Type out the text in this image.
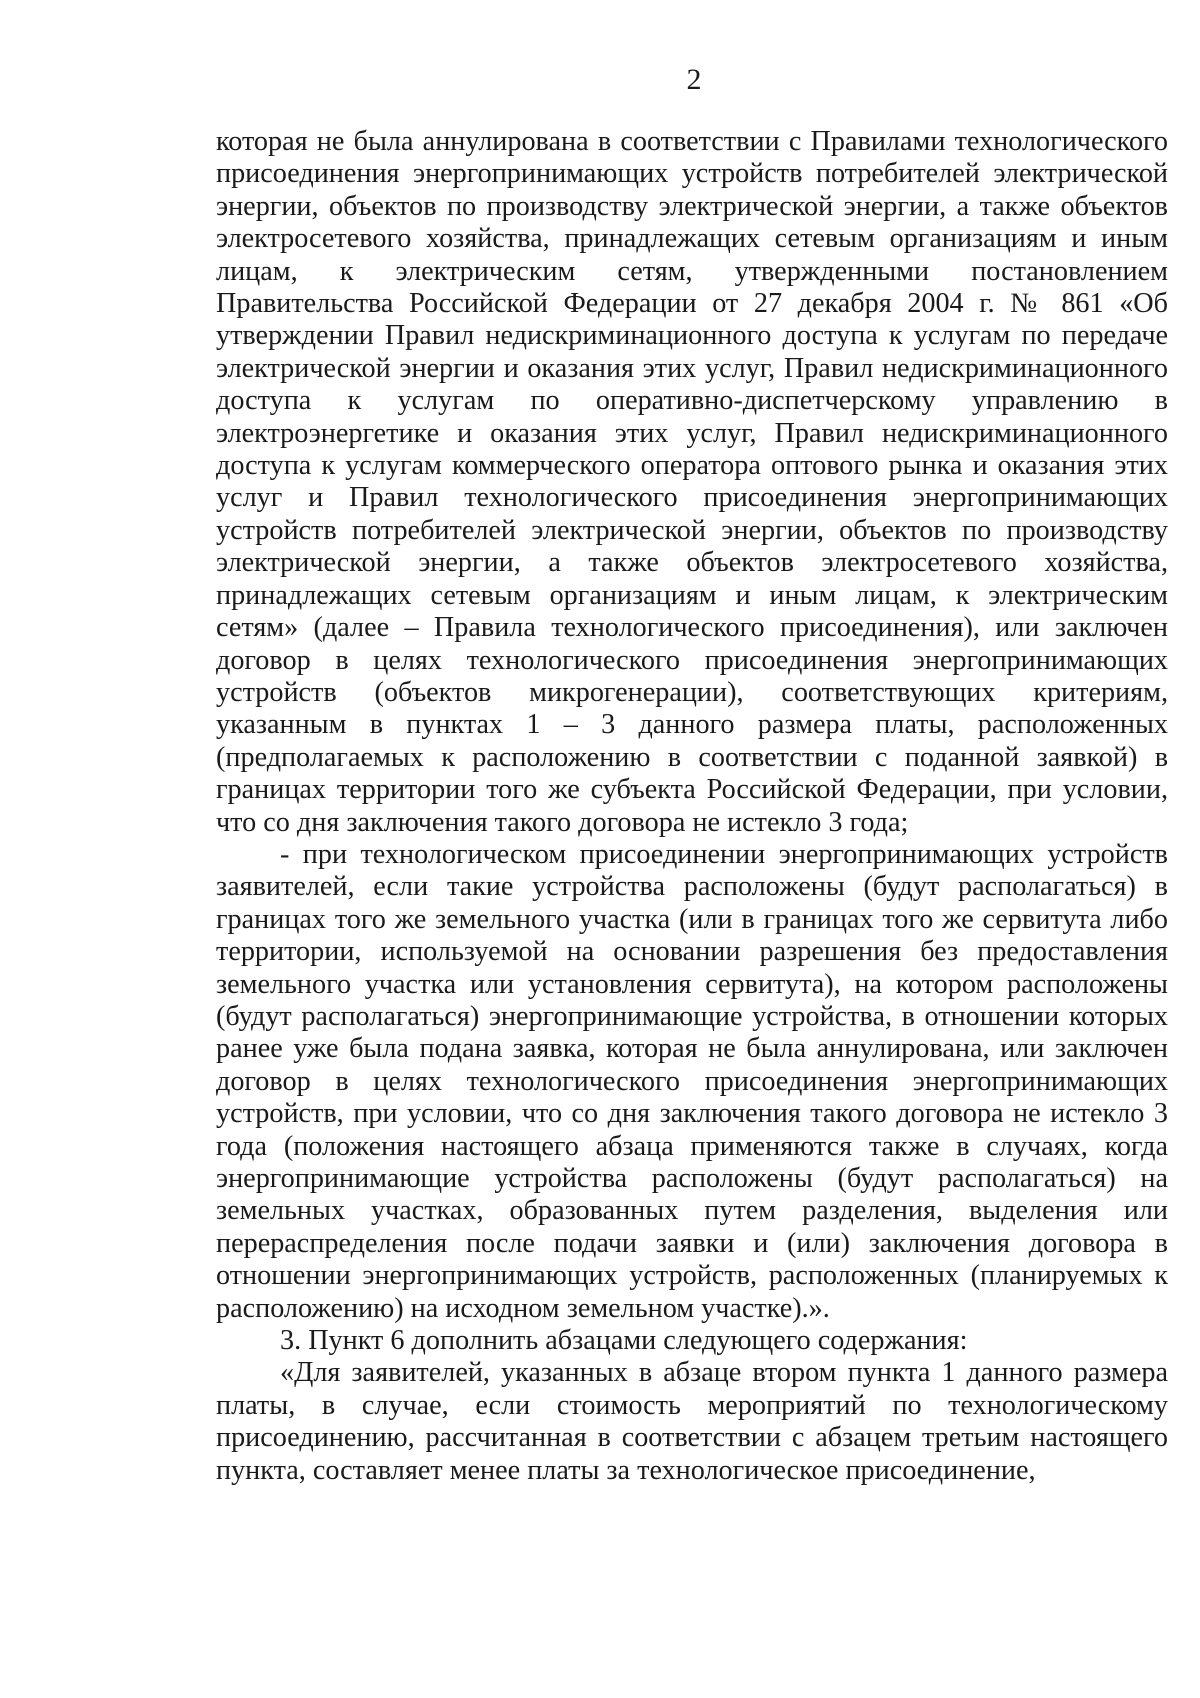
2

которая не была аннулирована в соответствии с Правилами технологического присоединения энергопринимающих устройств потребителей электрической энергии, объектов по производству электрической энергии, а также объектов электросетевого хозяйства, принадлежащих сетевым организациям и иным лицам, к электрическим сетям, утвержденными постановлением Правительства Российской Федерации от 27 декабря 2004 г. № 861 «Об утверждении Правил недискриминационного доступа к услугам по передаче электрической энергии и оказания этих услуг, Правил недискриминационного доступа к услугам по оперативно-диспетчерскому управлению в электроэнергетике и оказания этих услуг, Правил недискриминационного доступа к услугам коммерческого оператора оптового рынка и оказания этих услуг и Правил технологического присоединения энергопринимающих устройств потребителей электрической энергии, объектов по производству электрической энергии, а также объектов электросетевого хозяйства, принадлежащих сетевым организациям и иным лицам, к электрическим сетям» (далее – Правила технологического присоединения), или заключен договор в целях технологического присоединения энергопринимающих устройств (объектов микрогенерации), соответствующих критериям, указанным в пунктах 1 – 3 данного размера платы, расположенных (предполагаемых к расположению в соответствии с поданной заявкой) в границах территории того же субъекта Российской Федерации, при условии, что со дня заключения такого договора не истекло 3 года;

- при технологическом присоединении энергопринимающих устройств заявителей, если такие устройства расположены (будут располагаться) в границах того же земельного участка (или в границах того же сервитута либо территории, используемой на основании разрешения без предоставления земельного участка или установления сервитута), на котором расположены (будут располагаться) энергопринимающие устройства, в отношении которых ранее уже была подана заявка, которая не была аннулирована, или заключен договор в целях технологического присоединения энергопринимающих устройств, при условии, что со дня заключения такого договора не истекло 3 года (положения настоящего абзаца применяются также в случаях, когда энергопринимающие устройства расположены (будут располагаться) на земельных участках, образованных путем разделения, выделения или перераспределения после подачи заявки и (или) заключения договора в отношении энергопринимающих устройств, расположенных (планируемых к расположению) на исходном земельном участке).».

3. Пункт 6 дополнить абзацами следующего содержания:

«Для заявителей, указанных в абзаце втором пункта 1 данного размера платы, в случае, если стоимость мероприятий по технологическому присоединению, рассчитанная в соответствии с абзацем третьим настоящего пункта, составляет менее платы за технологическое присоединение,
